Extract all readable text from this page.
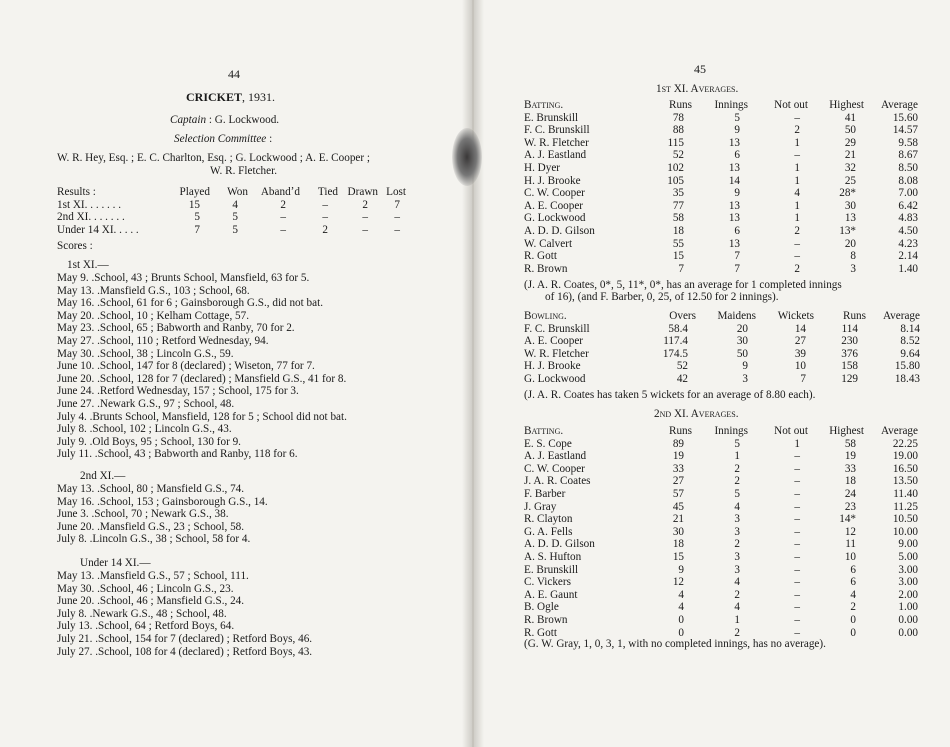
44
CRICKET, 1931.
Captain : G. Lockwood.
Selection Committee :
W. R. Hey, Esq. ; E. C. Charlton, Esq. ; G. Lockwood ; A. E. Cooper ;
W. R. Fletcher.
Results :	Played	Won	Abandʼd	Tied	Drawn	Lost
1st XI. . . . . . .	15	4	2	–	2	7
2nd XI. . . . . . .	5	5	–	–	–	–
Under 14 XI. . . . .	7	5	–	2	–	–
Scores :
1st XI.—
May 9. .School, 43 ; Brunts School, Mansfield, 63 for 5.
May 13. .Mansfield G.S., 103 ; School, 68.
May 16. .School, 61 for 6 ; Gainsborough G.S., did not bat.
May 20. .School, 10 ; Kelham Cottage, 57.
May 23. .School, 65 ; Babworth and Ranby, 70 for 2.
May 27. .School, 110 ; Retford Wednesday, 94.
May 30. .School, 38 ; Lincoln G.S., 59.
June 10. .School, 147 for 8 (declared) ; Wiseton, 77 for 7.
June 20. .School, 128 for 7 (declared) ; Mansfield G.S., 41 for 8.
June 24. .Retford Wednesday, 157 ; School, 175 for 3.
June 27. .Newark G.S., 97 ; School, 48.
July 4. .Brunts School, Mansfield, 128 for 5 ; School did not bat.
July 8. .School, 102 ; Lincoln G.S., 43.
July 9. .Old Boys, 95 ; School, 130 for 9.
July 11. .School, 43 ; Babworth and Ranby, 118 for 6.
2nd XI.—
May 13. .School, 80 ; Mansfield G.S., 74.
May 16. .School, 153 ; Gainsborough G.S., 14.
June 3. .School, 70 ; Newark G.S., 38.
June 20. .Mansfield G.S., 23 ; School, 58.
July 8. .Lincoln G.S., 38 ; School, 58 for 4.
Under 14 XI.—
May 13. .Mansfield G.S., 57 ; School, 111.
May 30. .School, 46 ; Lincoln G.S., 23.
June 20. .School, 46 ; Mansfield G.S., 24.
July 8. .Newark G.S., 48 ; School, 48.
July 13. .School, 64 ; Retford Boys, 64.
July 21. .School, 154 for 7 (declared) ; Retford Boys, 46.
July 27. .School, 108 for 4 (declared) ; Retford Boys, 43.
45
1st XI. Averages.
Batting.	Runs	Innings	Not out	Highest	Average
E. Brunskill	78	5	–	41	15.60
F. C. Brunskill	88	9	2	50	14.57
W. R. Fletcher	115	13	1	29	9.58
A. J. Eastland	52	6	–	21	8.67
H. Dyer	102	13	1	32	8.50
H. J. Brooke	105	14	1	25	8.08
C. W. Cooper	35	9	4	28*	7.00
A. E. Cooper	77	13	1	30	6.42
G. Lockwood	58	13	1	13	4.83
A. D. D. Gilson	18	6	2	13*	4.50
W. Calvert	55	13	–	20	4.23
R. Gott	15	7	–	8	2.14
R. Brown	7	7	2	3	1.40
(J. A. R. Coates, 0*, 5, 11*, 0*, has an average for 1 completed innings
of 16), (and F. Barber, 0, 25, of 12.50 for 2 innings).
Bowling.	Overs	Maidens	Wickets	Runs	Average
F. C. Brunskill	58.4	20	14	114	8.14
A. E. Cooper	117.4	30	27	230	8.52
W. R. Fletcher	174.5	50	39	376	9.64
H. J. Brooke	52	9	10	158	15.80
G. Lockwood	42	3	7	129	18.43
(J. A. R. Coates has taken 5 wickets for an average of 8.80 each).
2nd XI. Averages.
Batting.	Runs	Innings	Not out	Highest	Average
E. S. Cope	89	5	1	58	22.25
A. J. Eastland	19	1	–	19	19.00
C. W. Cooper	33	2	–	33	16.50
J. A. R. Coates	27	2	–	18	13.50
F. Barber	57	5	–	24	11.40
J. Gray	45	4	–	23	11.25
R. Clayton	21	3	–	14*	10.50
G. A. Fells	30	3	–	12	10.00
A. D. D. Gilson	18	2	–	11	9.00
A. S. Hufton	15	3	–	10	5.00
E. Brunskill	9	3	–	6	3.00
C. Vickers	12	4	–	6	3.00
A. E. Gaunt	4	2	–	4	2.00
B. Ogle	4	4	–	2	1.00
R. Brown	0	1	–	0	0.00
R. Gott	0	2	–	0	0.00
(G. W. Gray, 1, 0, 3, 1, with no completed innings, has no average).
